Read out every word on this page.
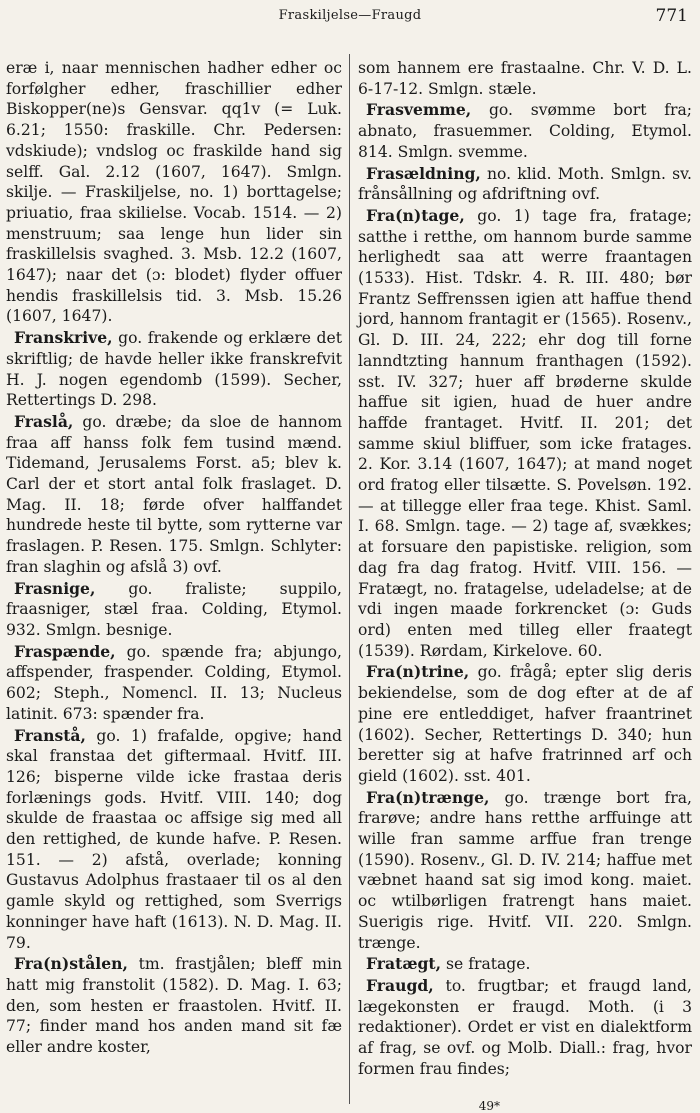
Fraskiljelse—Fraugd	771

eræ i, naar mennischen hadher edher oc forfølgher edher, fraschillier edher Biskopper(ne)s Gensvar. qq1v (= Luk. 6.21; 1550: fraskille. Chr. Pedersen: vdskiude); vndslog oc fraskilde hand sig selff. Gal. 2.12 (1607, 1647). Smlgn. skilje. — Fraskiljelse, no. 1) borttagelse; priuatio, fraa skilielse. Vocab. 1514. — 2) menstruum; saa lenge hun lider sin fraskillelsis svaghed. 3. Msb. 12.2 (1607, 1647); naar det (ɔ: blodet) flyder offuer hendis fraskillelsis tid. 3. Msb. 15.26 (1607, 1647).

Franskrive, go. frakende og erklære det skriftlig; de havde heller ikke franskrefvit H. J. nogen egendomb (1599). Secher, Rettertings D. 298.

Fraslå, go. dræbe; da sloe de hannom fraa aff hanss folk fem tusind mænd. Tidemand, Jerusalems Forst. a5; blev k. Carl der et stort antal folk fraslaget. D. Mag. II. 18; førde ofver halffandet hundrede heste til bytte, som rytterne var fraslagen. P. Resen. 175. Smlgn. Schlyter: fran slaghin og afslå 3) ovf.

Frasnige, go. fraliste; suppilo, fraasniger, stæl fraa. Colding, Etymol. 932. Smlgn. besnige.

Fraspænde, go. spænde fra; abjungo, affspender, fraspender. Colding, Etymol. 602; Steph., Nomencl. II. 13; Nucleus latinit. 673: spænder fra.

Franstå, go. 1) frafalde, opgive; hand skal franstaa det giftermaal. Hvitf. III. 126; bisperne vilde icke frastaa deris forlænings gods. Hvitf. VIII. 140; dog skulde de fraastaa oc affsige sig med all den rettighed, de kunde hafve. P. Resen. 151. — 2) afstå, overlade; konning Gustavus Adolphus frastaaer til os al den gamle skyld og rettighed, som Sverrigs konninger have haft (1613). N. D. Mag. II. 79.

Fra(n)stålen, tm. frastjålen; bleff min hatt mig franstolit (1582). D. Mag. I. 63; den, som hesten er fraastolen. Hvitf. II. 77; finder mand hos anden mand sit fæ eller andre koster,

som hannem ere frastaalne. Chr. V. D. L. 6-17-12. Smlgn. stæle.

Frasvemme, go. svømme bort fra; abnato, frasuemmer. Colding, Etymol. 814. Smlgn. svemme.

Frasældning, no. klid. Moth. Smlgn. sv. frånsållning og afdriftning ovf.

Fra(n)tage, go. 1) tage fra, fratage; satthe i retthe, om hannom burde samme herlighedt saa att werre fraantagen (1533). Hist. Tdskr. 4. R. III. 480; bør Frantz Seffrenssen igien att haffue thend jord, hannom frantagit er (1565). Rosenv., Gl. D. III. 24, 222; ehr dog till forne lanndtzting hannum franthagen (1592). sst. IV. 327; huer aff brøderne skulde haffue sit igien, huad de huer andre haffde frantaget. Hvitf. II. 201; det samme skiul bliffuer, som icke fratages. 2. Kor. 3.14 (1607, 1647); at mand noget ord fratog eller tilsætte. S. Povelsøn. 192. — at tillegge eller fraa tege. Khist. Saml. I. 68. Smlgn. tage. — 2) tage af, svækkes; at forsuare den papistiske. religion, som dag fra dag fratog. Hvitf. VIII. 156. — Fratægt, no. fratagelse, udeladelse; at de vdi ingen maade forkrencket (ɔ: Guds ord) enten med tilleg eller fraategt (1539). Rørdam, Kirkelove. 60.

Fra(n)trine, go. frågå; epter slig deris bekiendelse, som de dog efter at de af pine ere entleddiget, hafver fraantrinet (1602). Secher, Rettertings D. 340; hun beretter sig at hafve fratrinned arf och gield (1602). sst. 401.

Fra(n)trænge, go. trænge bort fra, frarøve; andre hans retthe arffuinge att wille fran samme arffue fran trenge (1590). Rosenv., Gl. D. IV. 214; haffue met væbnet haand sat sig imod kong. maiet. oc wtilbørligen fratrengt hans maiet. Suerigis rige. Hvitf. VII. 220. Smlgn. trænge.

Fratægt, se fratage.

Fraugd, to. frugtbar; et fraugd land, lægekonsten er fraugd. Moth. (i 3 redaktioner). Ordet er vist en dialektform af frag, se ovf. og Molb. Diall.: frag, hvor formen frau findes;

49*
